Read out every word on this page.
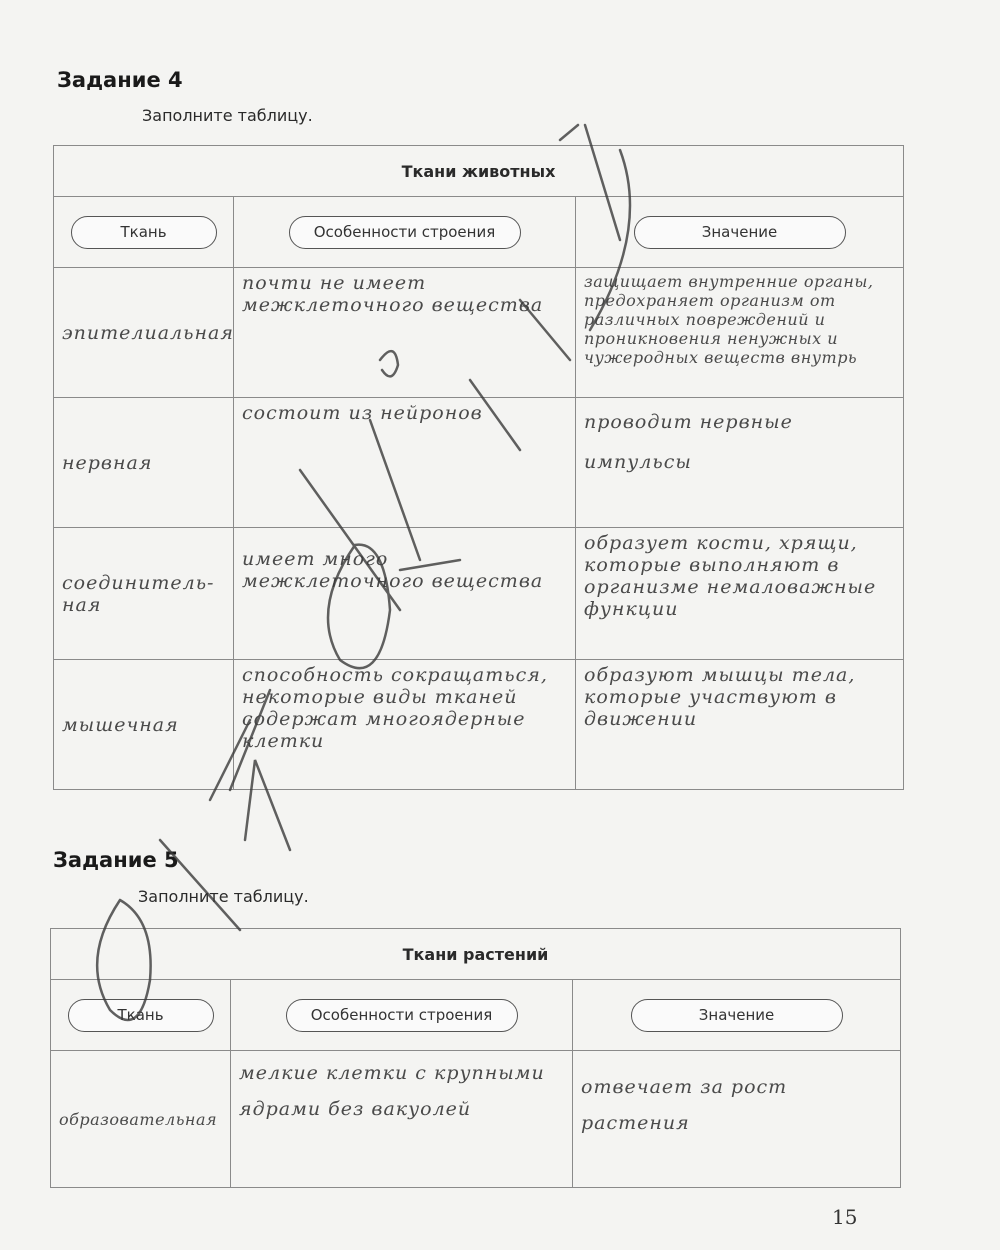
Задание 4
Заполните таблицу.
Ткани животных		
Ткань	Особенности строения	Значение
эпителиальная	почти не имеет межклеточного вещества	защищает внутренние органы, предохраняет организм от различных повреждений и проникновения ненужных и чужеродных веществ внутрь
нервная	состоит из нейронов	проводит нервные импульсы
соединитель-ная	имеет много межклеточного вещества	образует кости, хрящи, которые выполняют в организме немаловажные функции
мышечная	способность сокращаться, некоторые виды тканей содержат многоядерные клетки	образуют мышцы тела, которые участвуют в движении
Задание 5
Заполните таблицу.
Ткани растений		
Ткань	Особенности строения	Значение
образовательная	мелкие клетки с крупными ядрами без вакуолей	отвечает за рост растения
15
